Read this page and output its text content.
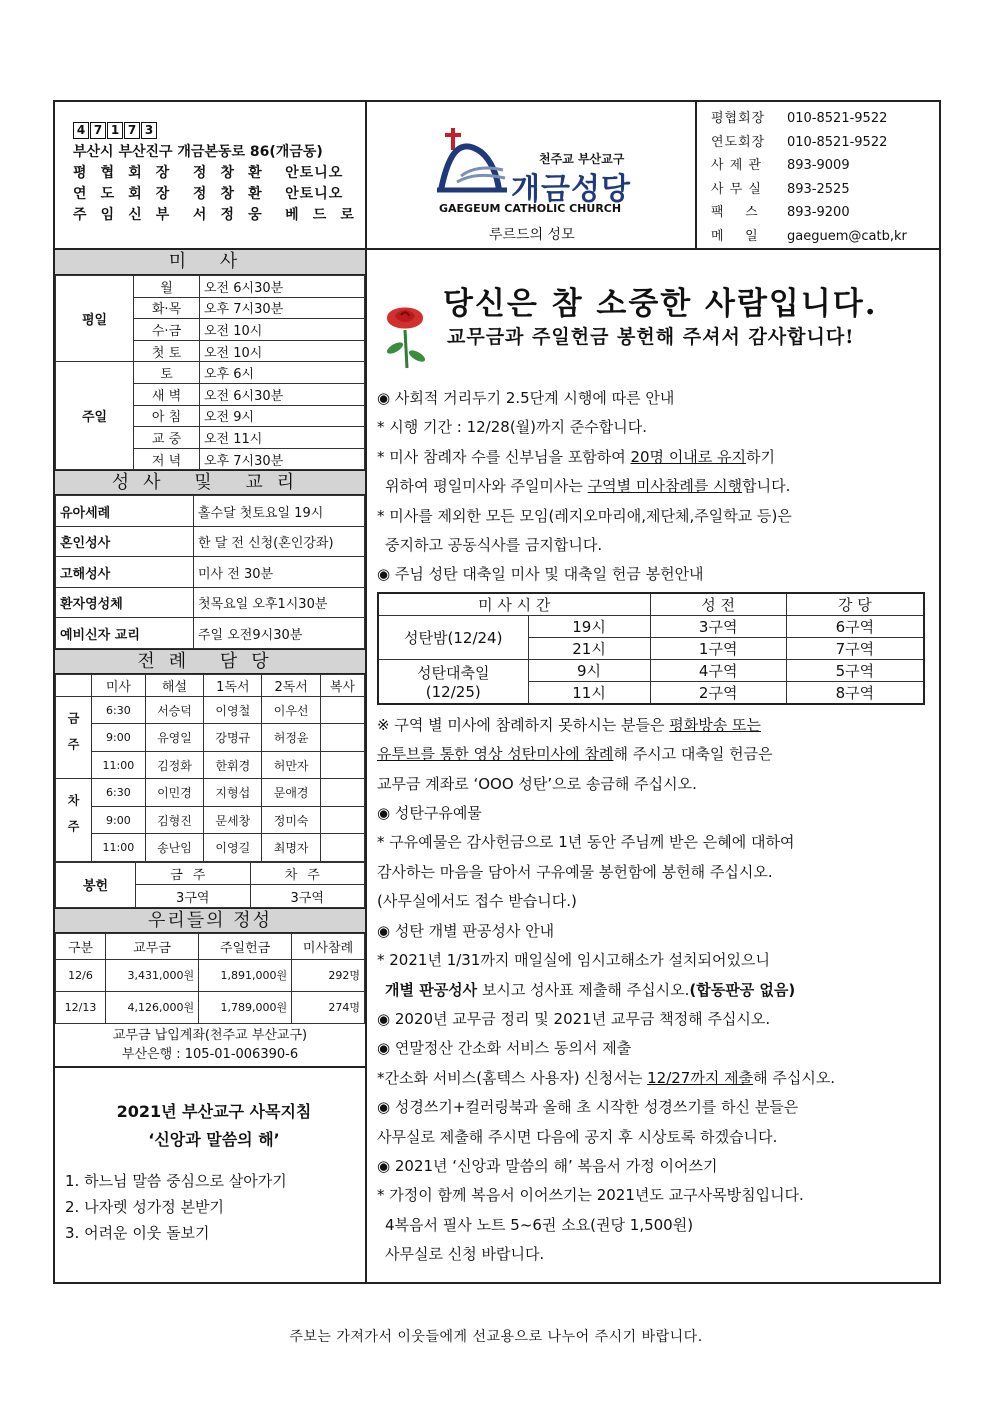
4 7 1 7 3
부산시 부산진구 개금본동로 86(개금동)
평 협 회 장 정 창 환 안토니오
연 도 회 장 정 창 환 안토니오
주 임 신 부 서 정 웅 베 드 로
천주교 부산교구
개금성당
GAEGEUM CATHOLIC CHURCH
루르드의 성모
평협회장	010-8521-9522
연도회장	010-8521-9522
사 제 관	893-9009
사 무 실	893-2525
팩    스	893-9200
메    일	gaeguem@catb,kr
미 사
평일	월	오전 6시30분
	화·목	오후 7시30분
	수·금	오전 10시
	첫 토	오전 10시
주일	토	오후 6시
	새 벽	오전 6시30분
	아 침	오전 9시
	교 중	오전 11시
	저 녁	오후 7시30분
성사 및 교리
유아세례	홀수달 첫토요일 19시
혼인성사	한 달 전 신청(혼인강좌)
고해성사	미사 전 30분
환자영성체	첫목요일 오후1시30분
예비신자 교리	주일 오전9시30분
전례 담당
	미사	해설	1독서	2독서	복사
금주	6:30	서승덕	이영철	이우선	
	9:00	유영일	강명규	허정윤	
	11:00	김정화	한휘경	허만자	
차주	6:30	이민경	지형섭	문애경	
	9:00	김형진	문세창	정미숙	
	11:00	송난임	이영길	최명자	
봉헌	금주	차주
	3구역	3구역
우리들의 정성
구분	교무금	주일헌금	미사참례
12/6	3,431,000원	1,891,000원	292명
12/13	4,126,000원	1,789,000원	274명
교무금 납입계좌(천주교 부산교구)
부산은행 : 105-01-006390-6
2021년 부산교구 사목지침
‘신앙과 말씀의 해’
1. 하느님 말씀 중심으로 살아가기
2. 나자렛 성가정 본받기
3. 어려운 이웃 돌보기
당신은 참 소중한 사람입니다.
교무금과 주일헌금 봉헌해 주셔서 감사합니다!
◉ 사회적 거리두기 2.5단계 시행에 따른 안내
* 시행 기간 : 12/28(월)까지 준수합니다.
* 미사 참례자 수를 신부님을 포함하여 20명 이내로 유지하기
위하여 평일미사와 주일미사는 구역별 미사참례를 시행합니다.
* 미사를 제외한 모든 모임(레지오마리애,제단체,주일학교 등)은
중지하고 공동식사를 금지합니다.
◉ 주님 성탄 대축일 미사 및 대축일 헌금 봉헌안내
미 사 시 간		성 전	강 당
성탄밤(12/24)	19시	3구역	6구역
	21시	1구역	7구역

성탄대축일
(12/25)	9시	4구역	5구역
	11시	2구역	8구역
※ 구역 별 미사에 참례하지 못하시는 분들은 평화방송 또는
유투브를 통한 영상 성탄미사에 참례해 주시고 대축일 헌금은
교무금 계좌로 ‘OOO 성탄’으로 송금해 주십시오.
◉ 성탄구유예물
* 구유예물은 감사헌금으로 1년 동안 주님께 받은 은혜에 대하여
감사하는 마음을 담아서 구유예물 봉헌함에 봉헌해 주십시오.
(사무실에서도 접수 받습니다.)
◉ 성탄 개별 판공성사 안내
* 2021년 1/31까지 매일실에 임시고해소가 설치되어있으니
개별 판공성사 보시고 성사표 제출해 주십시오.(합동판공 없음)
◉ 2020년 교무금 정리 및 2021년 교무금 책정해 주십시오.
◉ 연말정산 간소화 서비스 동의서 제출
*간소화 서비스(홈텍스 사용자) 신청서는 12/27까지 제출해 주십시오.
◉ 성경쓰기+컬러링북과 올해 초 시작한 성경쓰기를 하신 분들은
사무실로 제출해 주시면 다음에 공지 후 시상토록 하겠습니다.
◉ 2021년 ‘신앙과 말씀의 해’ 복음서 가정 이어쓰기
* 가정이 함께 복음서 이어쓰기는 2021년도 교구사목방침입니다.
4복음서 필사 노트 5~6권 소요(권당 1,500원)
사무실로 신청 바랍니다.
주보는 가져가서 이웃들에게 선교용으로 나누어 주시기 바랍니다.
